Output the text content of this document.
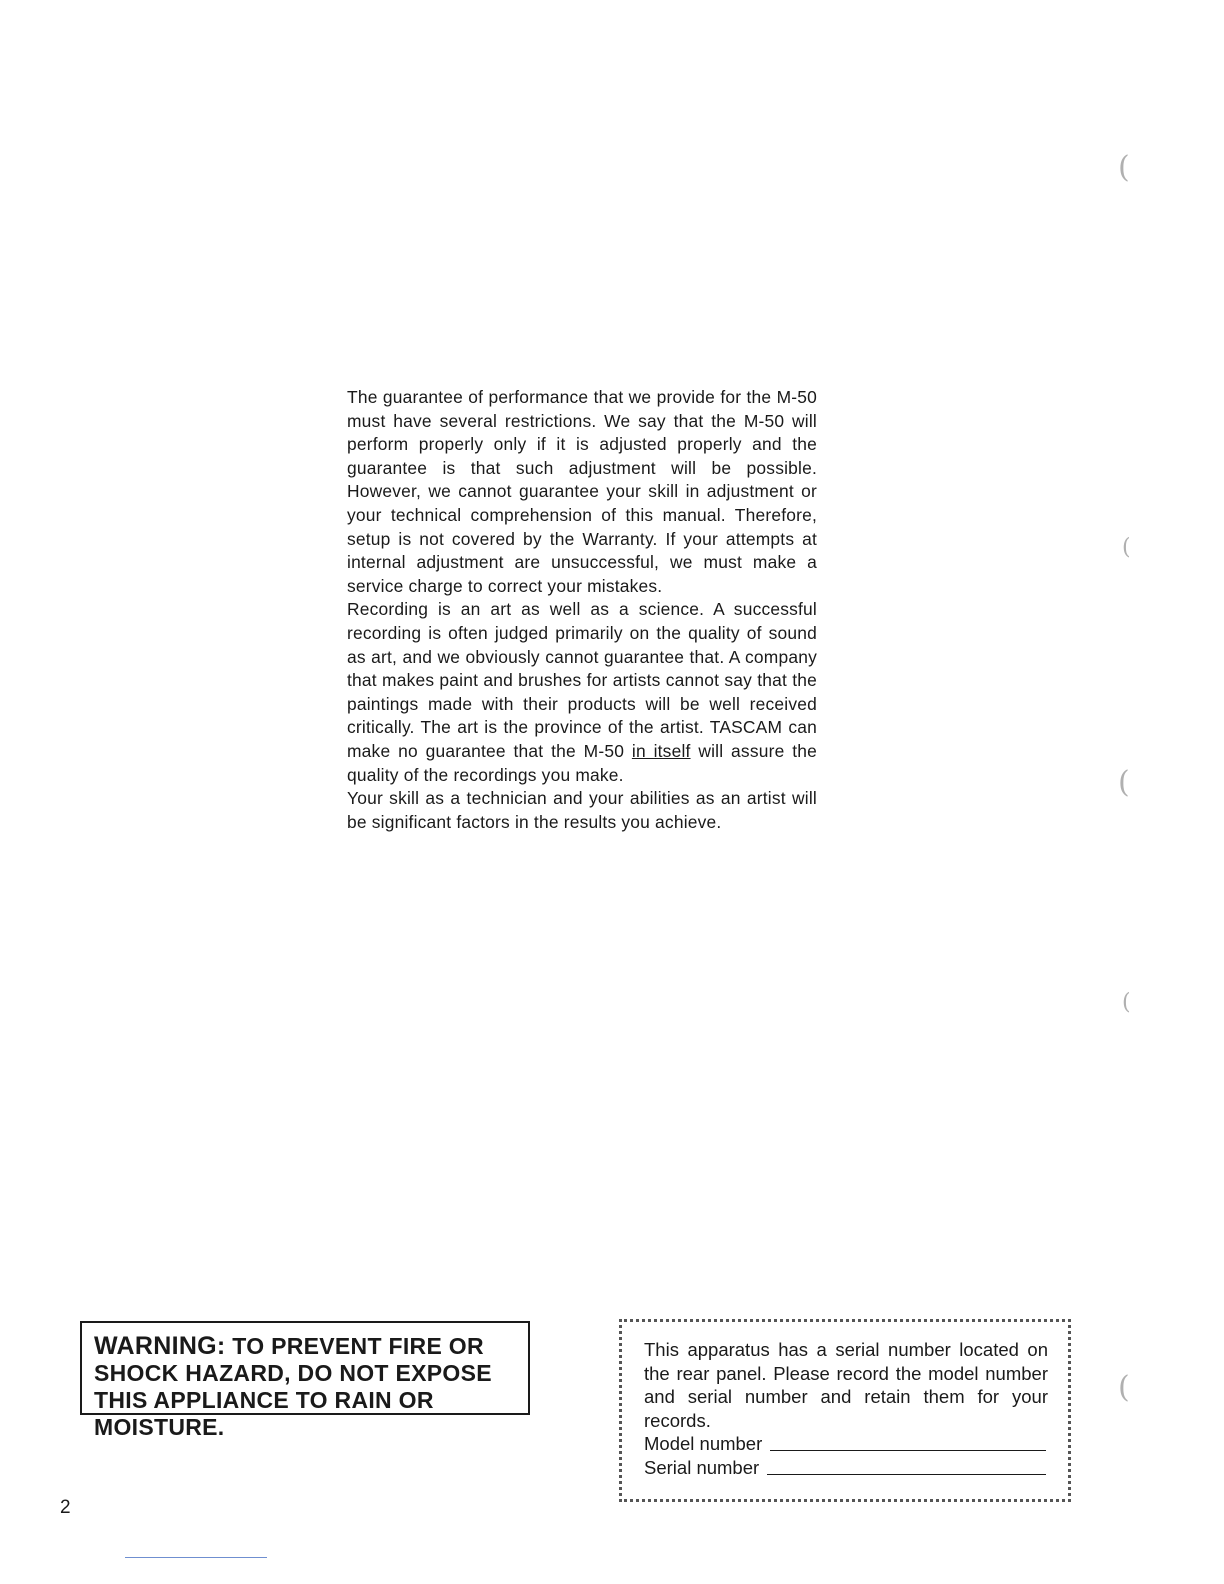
The guarantee of performance that we provide for the M-50 must have several restrictions. We say that the M-50 will perform properly only if it is adjusted properly and the guarantee is that such adjustment will be possible. However, we cannot guarantee your skill in adjustment or your technical comprehension of this manual. Therefore, setup is not covered by the Warranty. If your attempts at internal adjustment are unsuccessful, we must make a service charge to correct your mistakes.

Recording is an art as well as a science. A successful recording is often judged primarily on the quality of sound as art, and we obviously cannot guarantee that. A company that makes paint and brushes for artists cannot say that the paintings made with their products will be well received critically. The art is the province of the artist. TASCAM can make no guarantee that the M-50 in itself will assure the quality of the recordings you make.

Your skill as a technician and your abilities as an artist will be significant factors in the results you achieve.

WARNING: TO PREVENT FIRE OR SHOCK HAZARD, DO NOT EXPOSE THIS APPLIANCE TO RAIN OR MOISTURE.

This apparatus has a serial number located on the rear panel. Please record the model number and serial number and retain them for your records.

Model number
Serial number
2
(
(
(
(
(
